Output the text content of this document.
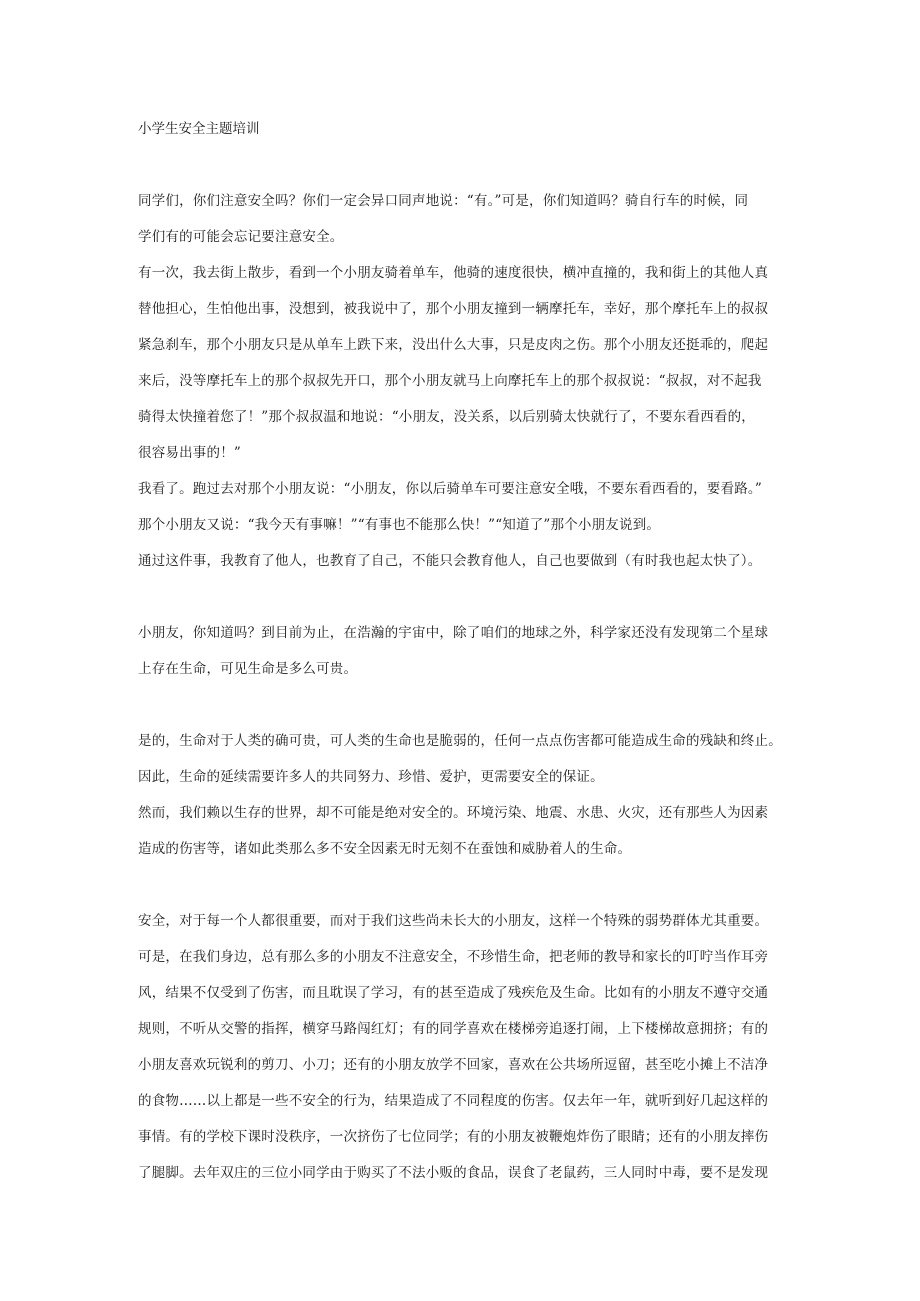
小学生安全主题培训
同学们，你们注意安全吗？你们一定会异口同声地说：“有。”可是，你们知道吗？骑自行车的时候，同
学们有的可能会忘记要注意安全。
有一次，我去街上散步，看到一个小朋友骑着单车，他骑的速度很快，横冲直撞的，我和街上的其他人真
替他担心，生怕他出事，没想到，被我说中了，那个小朋友撞到一辆摩托车，幸好，那个摩托车上的叔叔
紧急刹车，那个小朋友只是从单车上跌下来，没出什么大事，只是皮肉之伤。那个小朋友还挺乖的，爬起
来后，没等摩托车上的那个叔叔先开口，那个小朋友就马上向摩托车上的那个叔叔说：“叔叔，对不起我
骑得太快撞着您了！”那个叔叔温和地说：“小朋友，没关系，以后别骑太快就行了，不要东看西看的，
很容易出事的！”
我看了。跑过去对那个小朋友说：“小朋友，你以后骑单车可要注意安全哦，不要东看西看的，要看路。”
那个小朋友又说：“我今天有事嘛！”“有事也不能那么快！”“知道了”那个小朋友说到。
通过这件事，我教育了他人，也教育了自己，不能只会教育他人，自己也要做到（有时我也起太快了）。
小朋友，你知道吗？到目前为止，在浩瀚的宇宙中，除了咱们的地球之外，科学家还没有发现第二个星球
上存在生命，可见生命是多么可贵。
是的，生命对于人类的确可贵，可人类的生命也是脆弱的，任何一点点伤害都可能造成生命的残缺和终止。
因此，生命的延续需要许多人的共同努力、珍惜、爱护，更需要安全的保证。
然而，我们赖以生存的世界，却不可能是绝对安全的。环境污染、地震、水患、火灾，还有那些人为因素
造成的伤害等，诸如此类那么多不安全因素无时无刻不在蚕蚀和威胁着人的生命。
安全，对于每一个人都很重要，而对于我们这些尚未长大的小朋友，这样一个特殊的弱势群体尤其重要。
可是，在我们身边，总有那么多的小朋友不注意安全，不珍惜生命，把老师的教导和家长的叮咛当作耳旁
风，结果不仅受到了伤害，而且耽误了学习，有的甚至造成了残疾危及生命。比如有的小朋友不遵守交通
规则，不听从交警的指挥，横穿马路闯红灯；有的同学喜欢在楼梯旁追逐打闹，上下楼梯故意拥挤；有的
小朋友喜欢玩锐利的剪刀、小刀；还有的小朋友放学不回家，喜欢在公共场所逗留，甚至吃小摊上不洁净
的食物……以上都是一些不安全的行为，结果造成了不同程度的伤害。仅去年一年，就听到好几起这样的
事情。有的学校下课时没秩序，一次挤伤了七位同学；有的小朋友被鞭炮炸伤了眼睛；还有的小朋友摔伤
了腿脚。去年双庄的三位小同学由于购买了不法小贩的食品，误食了老鼠药，三人同时中毒，要不是发现
